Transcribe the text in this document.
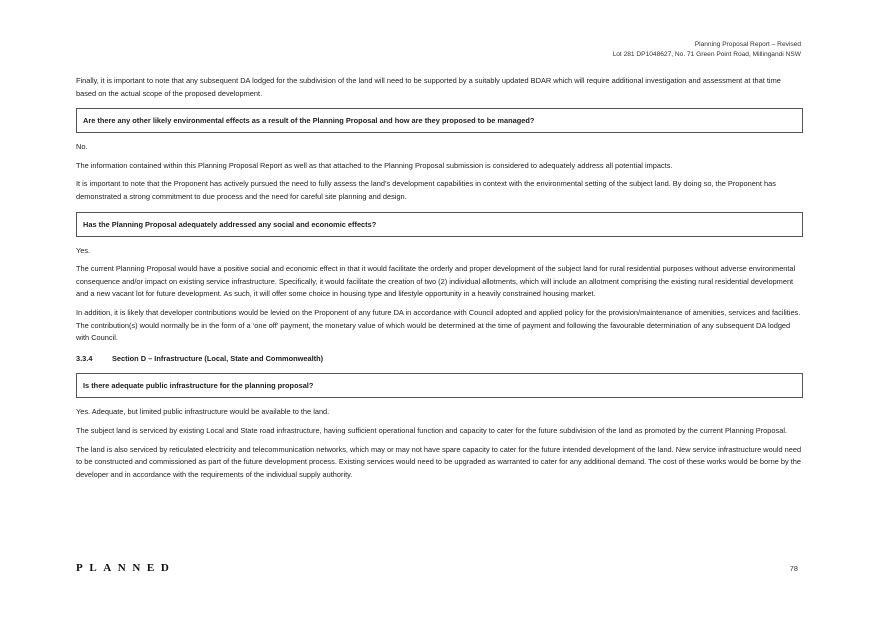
Planning Proposal Report – Revised
Lot 281 DP1048627, No. 71 Green Point Road, Millingandi NSW

Finally, it is important to note that any subsequent DA lodged for the subdivision of the land will need to be supported by a suitably updated BDAR which will require additional investigation and assessment at that time based on the actual scope of the proposed development.

Are there any other likely environmental effects as a result of the Planning Proposal and how are they proposed to be managed?

No.

The information contained within this Planning Proposal Report as well as that attached to the Planning Proposal submission is considered to adequately address all potential impacts.

It is important to note that the Proponent has actively pursued the need to fully assess the land’s development capabilities in context with the environmental setting of the subject land. By doing so, the Proponent has demonstrated a strong commitment to due process and the need for careful site planning and design.

Has the Planning Proposal adequately addressed any social and economic effects?

Yes.

The current Planning Proposal would have a positive social and economic effect in that it would facilitate the orderly and proper development of the subject land for rural residential purposes without adverse environmental consequence and/or impact on existing service infrastructure. Specifically, it would facilitate the creation of two (2) individual allotments, which will include an allotment comprising the existing rural residential development and a new vacant lot for future development. As such, it will offer some choice in housing type and lifestyle opportunity in a heavily constrained housing market.

In addition, it is likely that developer contributions would be levied on the Proponent of any future DA in accordance with Council adopted and applied policy for the provision/maintenance of amenities, services and facilities. The contribution(s) would normally be in the form of a ‘one off’ payment, the monetary value of which would be determined at the time of payment and following the favourable determination of any subsequent DA lodged with Council.

3.3.4	Section D – Infrastructure (Local, State and Commonwealth)
Is there adequate public infrastructure for the planning proposal?

Yes. Adequate, but limited public infrastructure would be available to the land.

The subject land is serviced by existing Local and State road infrastructure, having sufficient operational function and capacity to cater for the future subdivision of the land as promoted by the current Planning Proposal.

The land is also serviced by reticulated electricity and telecommunication networks, which may or may not have spare capacity to cater for the future intended development of the land. New service infrastructure would need to be constructed and commissioned as part of the future development process. Existing services would need to be upgraded as warranted to cater for any additional demand. The cost of these works would be borne by the developer and in accordance with the requirements of the individual supply authority.

PLANNED	78
